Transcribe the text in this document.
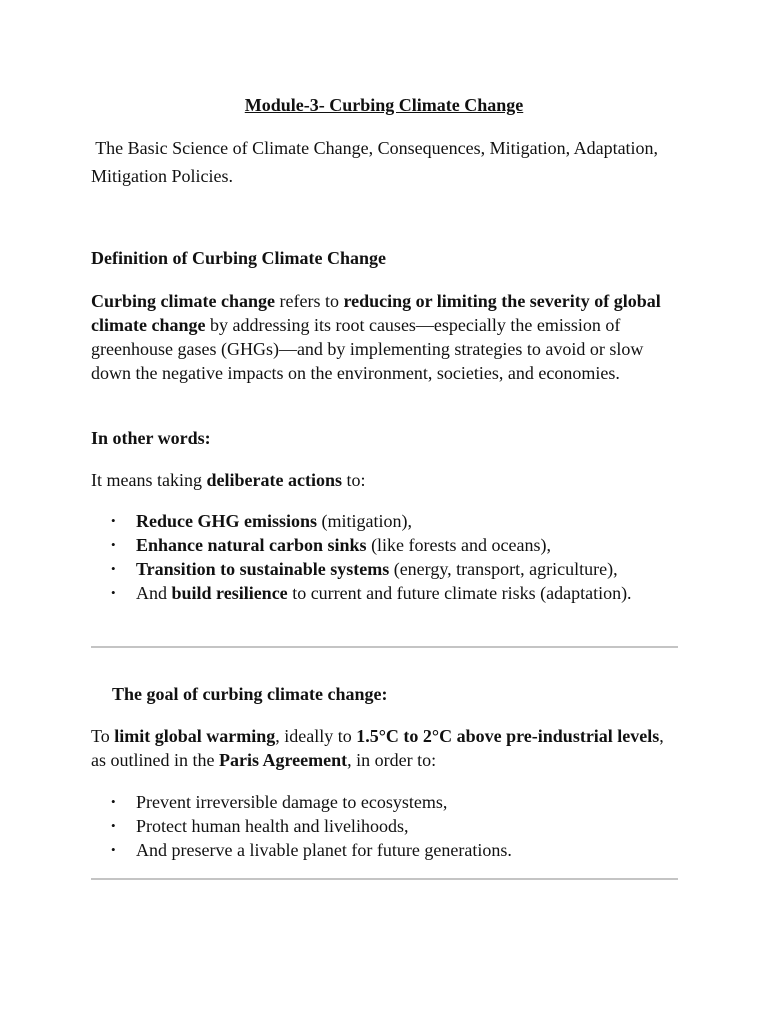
Module-3- Curbing Climate Change
The Basic Science of Climate Change, Consequences, Mitigation, Adaptation, Mitigation Policies.
Definition of Curbing Climate Change
Curbing climate change refers to reducing or limiting the severity of global climate change by addressing its root causes—especially the emission of greenhouse gases (GHGs)—and by implementing strategies to avoid or slow down the negative impacts on the environment, societies, and economies.
In other words:
It means taking deliberate actions to:
• Reduce GHG emissions (mitigation),
• Enhance natural carbon sinks (like forests and oceans),
• Transition to sustainable systems (energy, transport, agriculture),
• And build resilience to current and future climate risks (adaptation).
The goal of curbing climate change:
To limit global warming, ideally to 1.5°C to 2°C above pre-industrial levels, as outlined in the Paris Agreement, in order to:
• Prevent irreversible damage to ecosystems,
• Protect human health and livelihoods,
• And preserve a livable planet for future generations.
